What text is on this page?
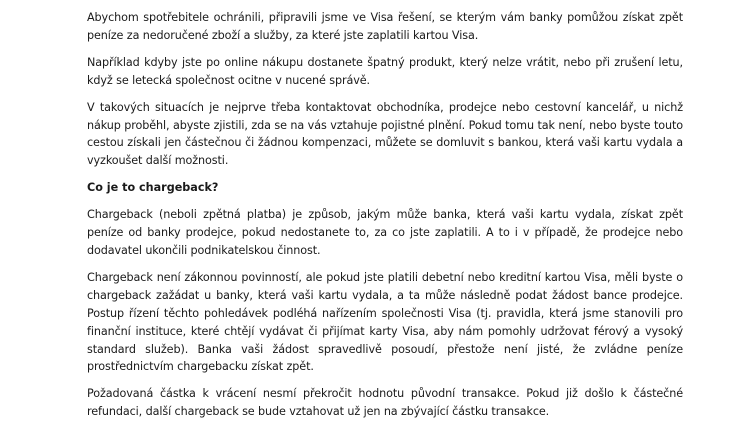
Abychom spotřebitele ochránili, připravili jsme ve Visa řešení, se kterým vám banky pomůžou získat zpět peníze za nedoručené zboží a služby, za které jste zaplatili kartou Visa.

Například kdyby jste po online nákupu dostanete špatný produkt, který nelze vrátit, nebo při zrušení letu, když se letecká společnost ocitne v nucené správě.

V takových situacích je nejprve třeba kontaktovat obchodníka, prodejce nebo cestovní kancelář, u nichž nákup proběhl, abyste zjistili, zda se na vás vztahuje pojistné plnění. Pokud tomu tak není, nebo byste touto cestou získali jen částečnou či žádnou kompenzaci, můžete se domluvit s bankou, která vaši kartu vydala a vyzkoušet další možnosti.

Co je to chargeback?

Chargeback (neboli zpětná platba) je způsob, jakým může banka, která vaši kartu vydala, získat zpět peníze od banky prodejce, pokud nedostanete to, za co jste zaplatili. A to i v případě, že prodejce nebo dodavatel ukončili podnikatelskou činnost.

Chargeback není zákonnou povinností, ale pokud jste platili debetní nebo kreditní kartou Visa, měli byste o chargeback zažádat u banky, která vaši kartu vydala, a ta může následně podat žádost bance prodejce. Postup řízení těchto pohledávek podléhá nařízením společnosti Visa (tj. pravidla, která jsme stanovili pro finanční instituce, které chtějí vydávat či přijímat karty Visa, aby nám pomohly udržovat férový a vysoký standard služeb). Banka vaši žádost spravedlivě posoudí, přestože není jisté, že zvládne peníze prostřednictvím chargebacku získat zpět.

Požadovaná částka k vrácení nesmí překročit hodnotu původní transakce. Pokud již došlo k částečné refundaci, další chargeback se bude vztahovat už jen na zbývající částku transakce.
